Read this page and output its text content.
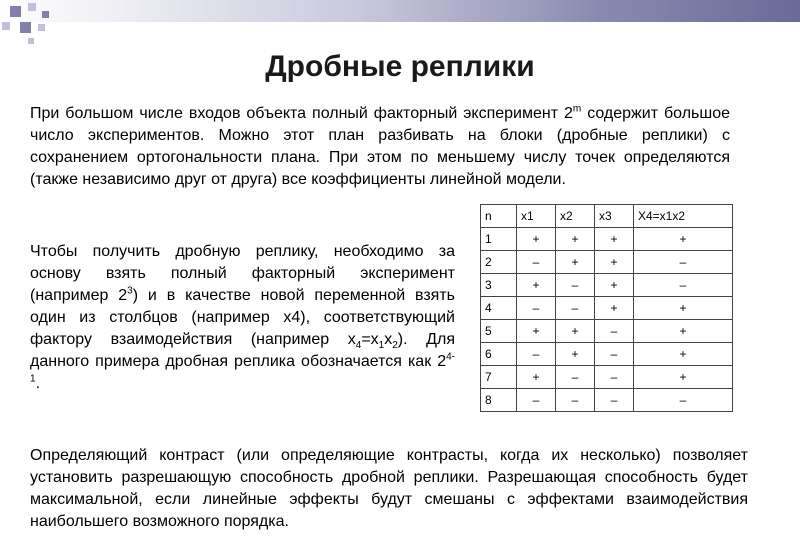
Дробные реплики
При большом числе входов объекта полный факторный эксперимент 2$^m$ содержит большое число экспериментов. Можно этот план разбивать на блоки (дробные реплики) с сохранением ортогональности плана. При этом по меньшему числу точек определяются (также независимо друг от друга) все коэффициенты линейной модели.
Чтобы получить дробную реплику, необходимо за основу взять полный факторный эксперимент (например $2^3$) и в качестве новой переменной взять один из столбцов (например х4), соответствующий фактору взаимодействия (например $х_4=х_1х_2$). Для данного примера дробная реплика обозначается как 2$^{4-1}$.
n	x1	x2	x3	X4=x1x2
1	+	+	+	+
2	–	+	+	–
3	+	–	+	–
4	–	–	+	+
5	+	+	–	+
6	–	+	–	+
7	+	–	–	+
8	–	–	–	–
Определяющий контраст (или определяющие контрасты, когда их несколько) позволяет установить разрешающую способность дробной реплики. Разрешающая способность будет максимальной, если линейные эффекты будут смешаны с эффектами взаимодействия наибольшего возможного порядка.
